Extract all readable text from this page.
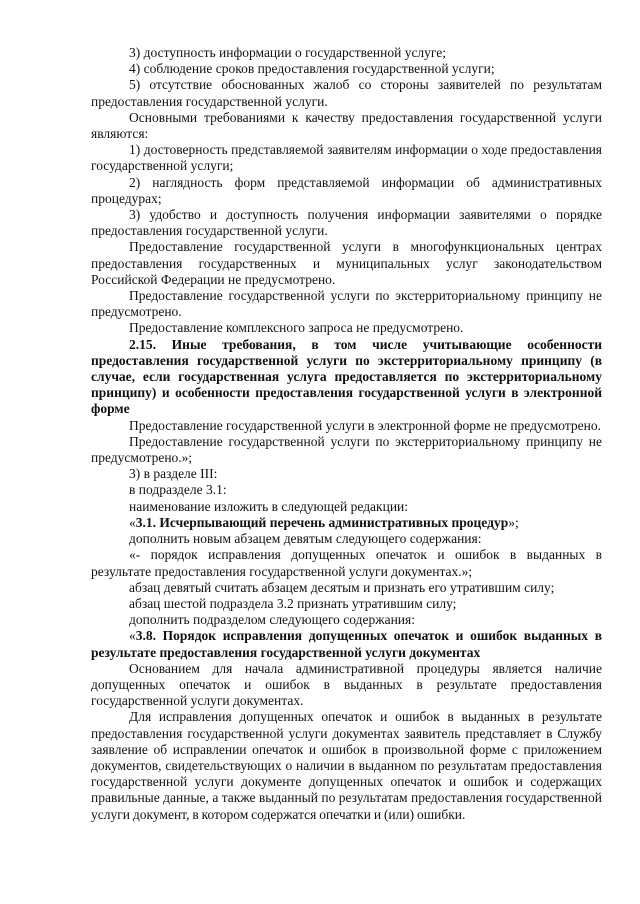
3) доступность информации о государственной услуге;

4) соблюдение сроков предоставления государственной услуги;

5) отсутствие обоснованных жалоб со стороны заявителей по результатам предоставления государственной услуги.

Основными требованиями к качеству предоставления государственной услуги являются:

1) достоверность представляемой заявителям информации о ходе предоставления государственной услуги;

2) наглядность форм представляемой информации об административных процедурах;

3) удобство и доступность получения информации заявителями о порядке предоставления государственной услуги.

Предоставление государственной услуги в многофункциональных центрах предоставления государственных и муниципальных услуг законодательством Российской Федерации не предусмотрено.

Предоставление государственной услуги по экстерриториальному принципу не предусмотрено.

Предоставление комплексного запроса не предусмотрено.

2.15. Иные требования, в том числе учитывающие особенности предоставления государственной услуги по экстерриториальному принципу (в случае, если государственная услуга предоставляется по экстерриториальному принципу) и особенности предоставления государственной услуги в электронной форме

Предоставление государственной услуги в электронной форме не предусмотрено.

Предоставление государственной услуги по экстерриториальному принципу не предусмотрено.»;

3) в разделе III:

в подразделе 3.1:

наименование изложить в следующей редакции:

«3.1. Исчерпывающий перечень административных процедур»;

дополнить новым абзацем девятым следующего содержания:

«- порядок исправления допущенных опечаток и ошибок в выданных в результате предоставления государственной услуги документах.»;

абзац девятый считать абзацем десятым и признать его утратившим силу;

абзац шестой подраздела 3.2 признать утратившим силу;

дополнить подразделом следующего содержания:

«3.8. Порядок исправления допущенных опечаток и ошибок выданных в результате предоставления государственной услуги документах

Основанием для начала административной процедуры является наличие допущенных опечаток и ошибок в выданных в результате предоставления государственной услуги документах.

Для исправления допущенных опечаток и ошибок в выданных в результате предоставления государственной услуги документах заявитель представляет в Службу заявление об исправлении опечаток и ошибок в произвольной форме с приложением документов, свидетельствующих о наличии в выданном по результатам предоставления государственной услуги документе допущенных опечаток и ошибок и содержащих правильные данные, а также выданный по результатам предоставления государственной услуги документ, в котором содержатся опечатки и (или) ошибки.
